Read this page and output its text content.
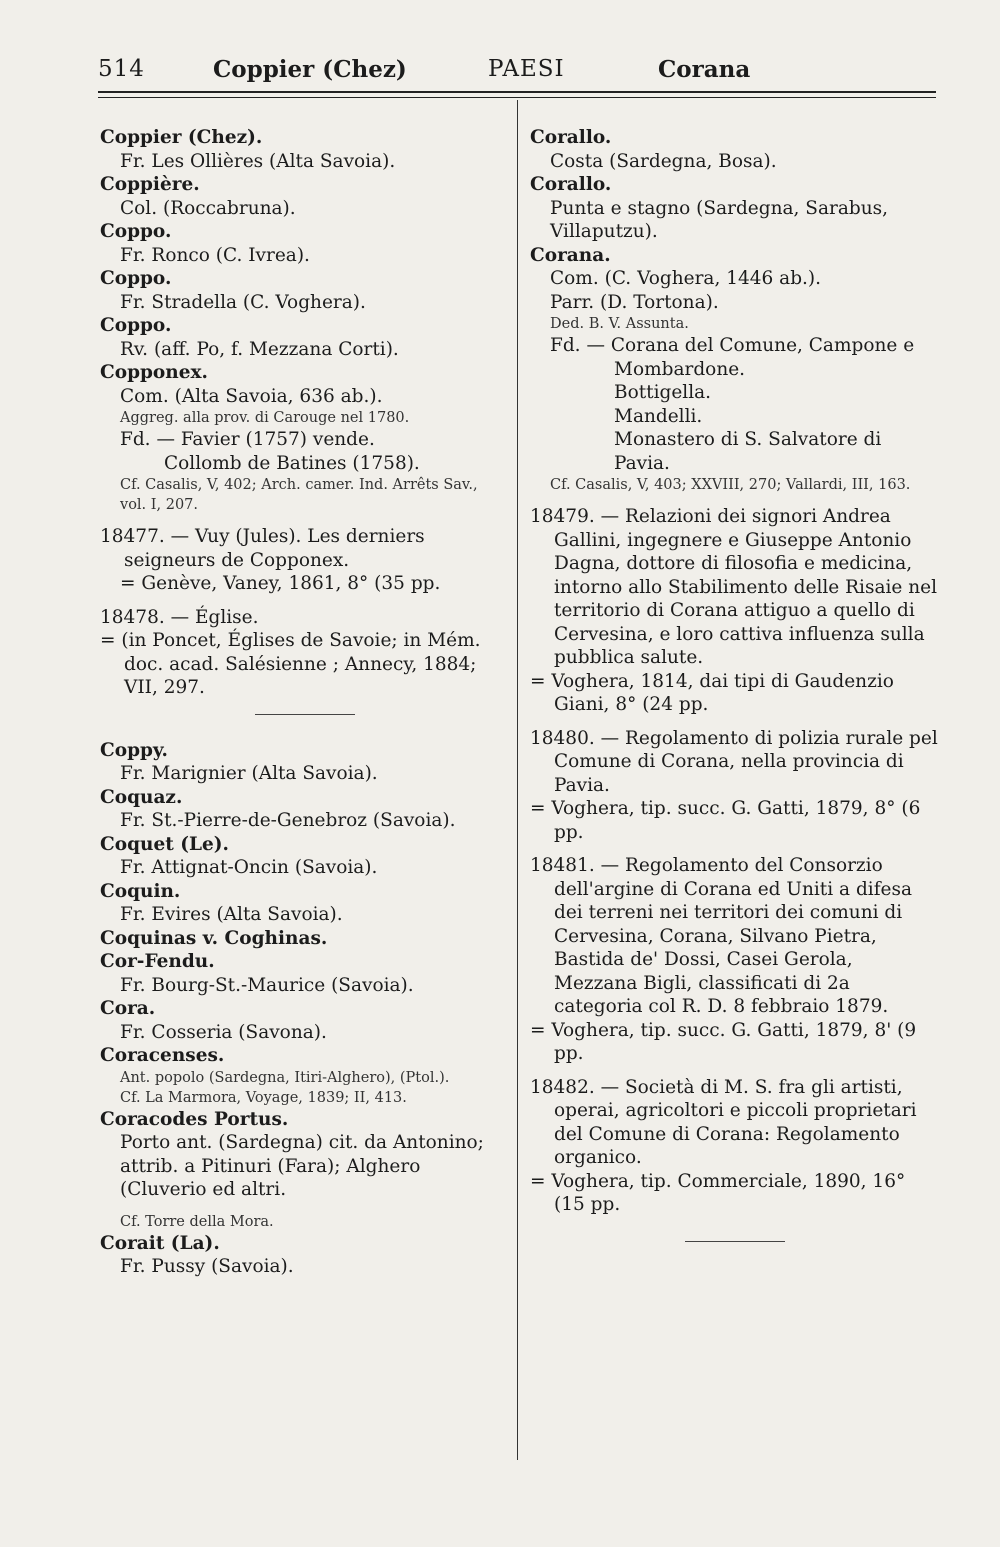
514	Coppier (Chez)	PAESI	Corana

Coppier (Chez).

Fr. Les Ollières (Alta Savoia).

Coppière.

Col. (Roccabruna).

Coppo.

Fr. Ronco (C. Ivrea).

Coppo.

Fr. Stradella (C. Voghera).

Coppo.

Rv. (aff. Po, f. Mezzana Corti).

Copponex.

Com. (Alta Savoia, 636 ab.).

Aggreg. alla prov. di Carouge nel 1780.

Fd. — Favier (1757) vende.

Collomb de Batines (1758).

Cf. Casalis, V, 402; Arch. camer. Ind. Arrêts Sav., vol. I, 207.

18477. — Vuy (Jules). Les derniers seigneurs de Copponex.

= Genève, Vaney, 1861, 8° (35 pp.

18478. — Église.

= (in Poncet, Églises de Savoie; in Mém. doc. acad. Salésienne ; Annecy, 1884; VII, 297.

Coppy.

Fr. Marignier (Alta Savoia).

Coquaz.

Fr. St.-Pierre-de-Genebroz (Savoia).

Coquet (Le).

Fr. Attignat-Oncin (Savoia).

Coquin.

Fr. Evires (Alta Savoia).

Coquinas v. Coghinas.

Cor-Fendu.

Fr. Bourg-St.-Maurice (Savoia).

Cora.

Fr. Cosseria (Savona).

Coracenses.

Ant. popolo (Sardegna, Itiri-Alghero), (Ptol.).

Cf. La Marmora, Voyage, 1839; II, 413.

Coracodes Portus.

Porto ant. (Sardegna) cit. da Antonino; attrib. a Pitinuri (Fara); Alghero (Cluverio ed altri.

Cf. Torre della Mora.

Corait (La).

Fr. Pussy (Savoia).

Corallo.

Costa (Sardegna, Bosa).

Corallo.

Punta e stagno (Sardegna, Sarabus, Villaputzu).

Corana.

Com. (C. Voghera, 1446 ab.).

Parr. (D. Tortona).

Ded. B. V. Assunta.

Fd. — Corana del Comune, Campone e

Mombardone.

Bottigella.

Mandelli.

Monastero di S. Salvatore di Pavia.

Cf. Casalis, V, 403; XXVIII, 270; Vallardi, III, 163.

18479. — Relazioni dei signori Andrea Gallini, ingegnere e Giuseppe Antonio Dagna, dottore di filosofia e medicina, intorno allo Stabilimento delle Risaie nel territorio di Corana attiguo a quello di Cervesina, e loro cattiva influenza sulla pubblica salute.

= Voghera, 1814, dai tipi di Gaudenzio Giani, 8° (24 pp.

18480. — Regolamento di polizia rurale pel Comune di Corana, nella provincia di Pavia.

= Voghera, tip. succ. G. Gatti, 1879, 8° (6 pp.

18481. — Regolamento del Consorzio dell'argine di Corana ed Uniti a difesa dei terreni nei territori dei comuni di Cervesina, Corana, Silvano Pietra, Bastida de' Dossi, Casei Gerola, Mezzana Bigli, classificati di 2a categoria col R. D. 8 febbraio 1879.

= Voghera, tip. succ. G. Gatti, 1879, 8' (9 pp.

18482. — Società di M. S. fra gli artisti, operai, agricoltori e piccoli proprietari del Comune di Corana: Regolamento organico.

= Voghera, tip. Commerciale, 1890, 16° (15 pp.
